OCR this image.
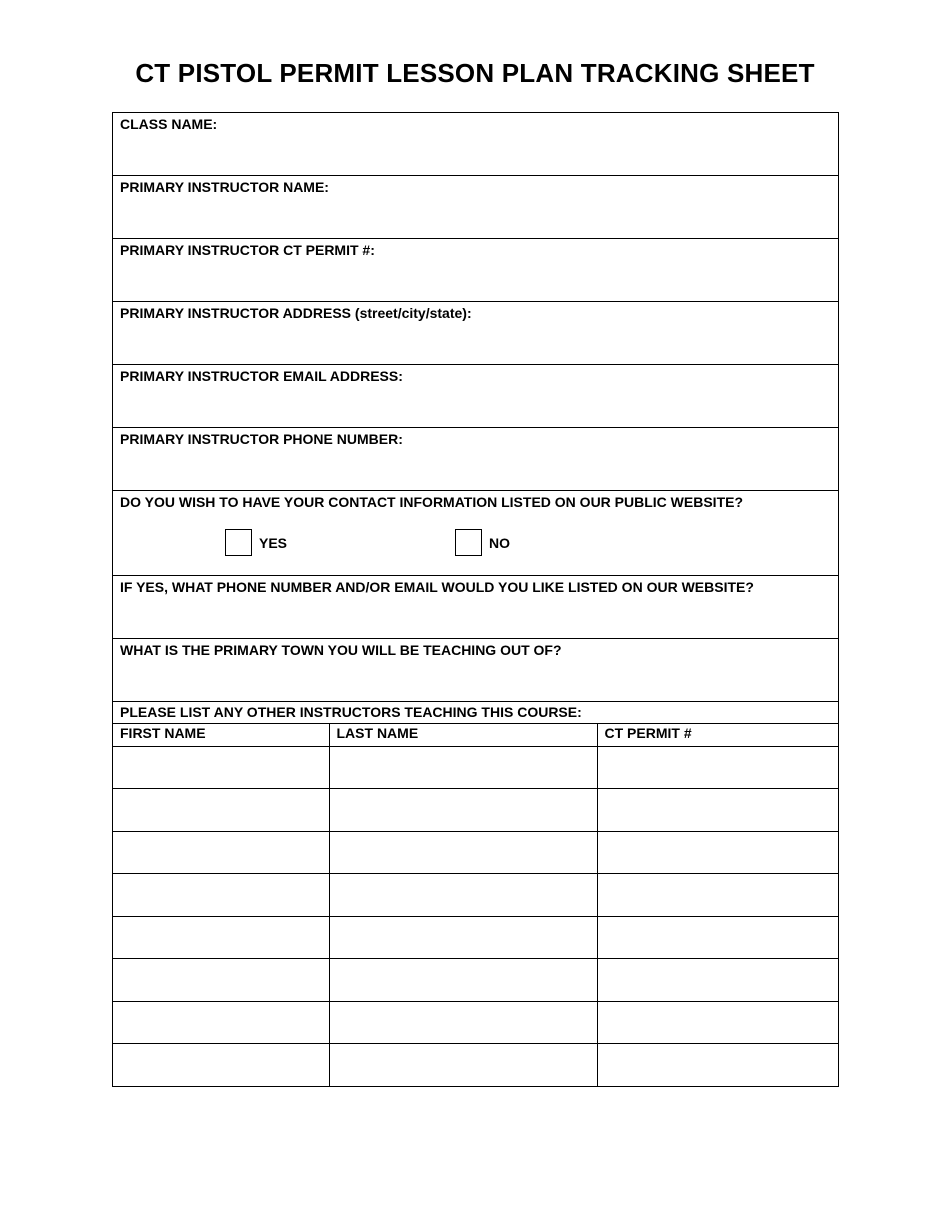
CT PISTOL PERMIT LESSON PLAN TRACKING SHEET
CLASS NAME:
PRIMARY INSTRUCTOR NAME:
PRIMARY INSTRUCTOR CT PERMIT #:
PRIMARY INSTRUCTOR ADDRESS (street/city/state):
PRIMARY INSTRUCTOR EMAIL ADDRESS:
PRIMARY INSTRUCTOR PHONE NUMBER:
DO YOU WISH TO HAVE YOUR CONTACT INFORMATION LISTED ON OUR PUBLIC WEBSITE?
YES	NO
IF YES, WHAT PHONE NUMBER AND/OR EMAIL WOULD YOU LIKE LISTED ON OUR WEBSITE?
WHAT IS THE PRIMARY TOWN YOU WILL BE TEACHING OUT OF?
PLEASE LIST ANY OTHER INSTRUCTORS TEACHING THIS COURSE:
FIRST NAME	LAST NAME	CT PERMIT #
